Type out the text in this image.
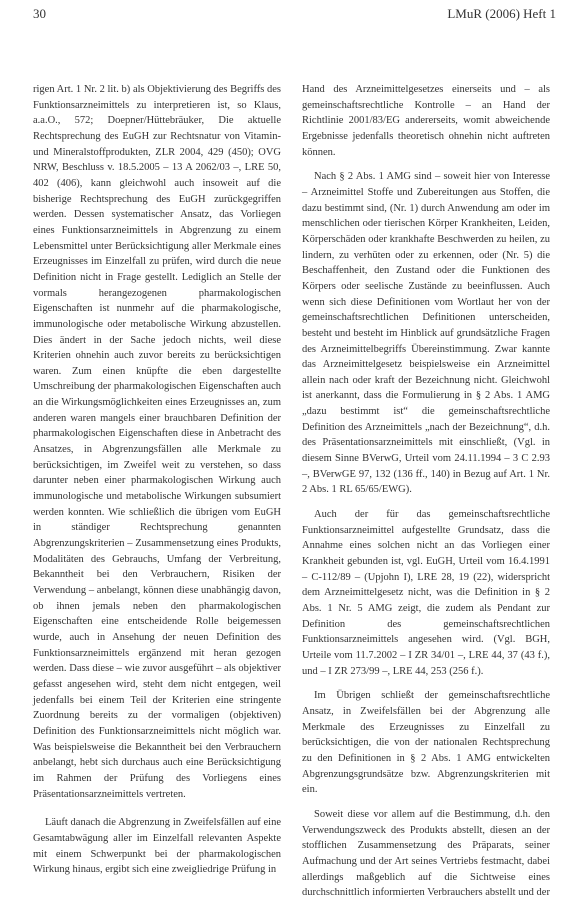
30	LMuR (2006) Heft 1

rigen Art. 1 Nr. 2 lit. b) als Objektivierung des Begriffs des Funktionsarzneimittels zu interpretieren ist, so Klaus, a.a.O., 572; Doepner/Hüttebräuker, Die aktuelle Rechtsprechung des EuGH zur Rechtsnatur von Vitamin- und Mineralstoffprodukten, ZLR 2004, 429 (450); OVG NRW, Beschluss v. 18.5.2005 – 13 A 2062/03 –, LRE 50, 402 (406), kann gleichwohl auch insoweit auf die bisherige Rechtsprechung des EuGH zurückgegriffen werden. Dessen systematischer Ansatz, das Vorliegen eines Funktionsarzneimittels in Abgrenzung zu einem Lebensmittel unter Berücksichtigung aller Merkmale eines Erzeugnisses im Einzelfall zu prüfen, wird durch die neue Definition nicht in Frage gestellt. Lediglich an Stelle der vormals herangezogenen pharmakologischen Eigenschaften ist nunmehr auf die pharmakologische, immunologische oder metabolische Wirkung abzustellen. Dies ändert in der Sache jedoch nichts, weil diese Kriterien ohnehin auch zuvor bereits zu berücksichtigen waren. Zum einen knüpfte die eben dargestellte Umschreibung der pharmakologischen Eigenschaften auch an die Wirkungsmöglichkeiten eines Erzeugnisses an, zum anderen waren mangels einer brauchbaren Definition der pharmakologischen Eigenschaften diese in Anbetracht des Ansatzes, in Abgrenzungsfällen alle Merkmale zu berücksichtigen, im Zweifel weit zu verstehen, so dass darunter neben einer pharmakologischen Wirkung auch immunologische und metabolische Wirkungen subsumiert werden konnten. Wie schließlich die übrigen vom EuGH in ständiger Rechtsprechung genannten Abgrenzungskriterien – Zusammensetzung eines Produkts, Modalitäten des Gebrauchs, Umfang der Verbreitung, Bekanntheit bei den Verbrauchern, Risiken der Verwendung – anbelangt, können diese unabhängig davon, ob ihnen jemals neben den pharmakologischen Eigenschaften eine entscheidende Rolle beigemessen wurde, auch in Ansehung der neuen Definition des Funktionsarzneimittels ergänzend mit heran gezogen werden. Dass diese – wie zuvor ausgeführt – als objektiver gefasst angesehen wird, steht dem nicht entgegen, weil jedenfalls bei einem Teil der Kriterien eine stringente Zuordnung bereits zu der vormaligen (objektiven) Definition des Funktionsarzneimittels nicht möglich war. Was beispielsweise die Bekanntheit bei den Verbrauchern anbelangt, hebt sich durchaus auch eine Berücksichtigung im Rahmen der Prüfung des Vorliegens eines Präsentationsarzneimittels vertreten.

Läuft danach die Abgrenzung in Zweifelsfällen auf eine Gesamtabwägung aller im Einzelfall relevanten Aspekte mit einem Schwerpunkt bei der pharmakologischen Wirkung hinaus, ergibt sich eine zweigliedrige Prüfung in

Hand des Arzneimittelgesetzes einerseits und – als gemeinschaftsrechtliche Kontrolle – an Hand der Richtlinie 2001/83/EG andererseits, womit abweichende Ergebnisse jedenfalls theoretisch ohnehin nicht auftreten können.

Nach § 2 Abs. 1 AMG sind – soweit hier von Interesse – Arzneimittel Stoffe und Zubereitungen aus Stoffen, die dazu bestimmt sind, (Nr. 1) durch Anwendung am oder im menschlichen oder tierischen Körper Krankheiten, Leiden, Körperschäden oder krankhafte Beschwerden zu heilen, zu lindern, zu verhüten oder zu erkennen, oder (Nr. 5) die Beschaffenheit, den Zustand oder die Funktionen des Körpers oder seelische Zustände zu beeinflussen. Auch wenn sich diese Definitionen vom Wortlaut her von der gemeinschaftsrechtlichen Definitionen unterscheiden, besteht und besteht im Hinblick auf grundsätzliche Fragen des Arzneimittelbegriffs Übereinstimmung. Zwar kannte das Arzneimittelgesetz beispielsweise ein Arzneimittel allein nach oder kraft der Bezeichnung nicht. Gleichwohl ist anerkannt, dass die Formulierung in § 2 Abs. 1 AMG „dazu bestimmt ist“ die gemeinschaftsrechtliche Definition des Arzneimittels „nach der Bezeichnung“, d.h. des Präsentationsarzneimittels mit einschließt, (Vgl. in diesem Sinne BVerwG, Urteil vom 24.11.1994 – 3 C 2.93 –, BVerwGE 97, 132 (136 ff., 140) in Bezug auf Art. 1 Nr. 2 Abs. 1 RL 65/65/EWG).

Auch der für das gemeinschaftsrechtliche Funktionsarzneimittel aufgestellte Grundsatz, dass die Annahme eines solchen nicht an das Vorliegen einer Krankheit gebunden ist, vgl. EuGH, Urteil vom 16.4.1991 – C-112/89 – (Upjohn I), LRE 28, 19 (22), widerspricht dem Arzneimittelgesetz nicht, was die Definition in § 2 Abs. 1 Nr. 5 AMG zeigt, die zudem als Pendant zur Definition des gemeinschaftsrechtlichen Funktionsarzneimittels angesehen wird. (Vgl. BGH, Urteile vom 11.7.2002 – I ZR 34/01 –, LRE 44, 37 (43 f.), und – I ZR 273/99 –, LRE 44, 253 (256 f.).

Im Übrigen schließt der gemeinschaftsrechtliche Ansatz, in Zweifelsfällen bei der Abgrenzung alle Merkmale des Erzeugnisses zu Einzelfall zu berücksichtigen, die von der nationalen Rechtsprechung zu den Definitionen in § 2 Abs. 1 AMG entwickelten Abgrenzungsgrundsätze bzw. Abgrenzungskriterien mit ein.

Soweit diese vor allem auf die Bestimmung, d.h. den Verwendungszweck des Produkts abstellt, diesen an der stofflichen Zusammensetzung des Präparats, seiner Aufmachung und der Art seines Vertriebs festmacht, dabei allerdings maßgeblich auf die Sichtweise eines durchschnittlich informierten Verbrauchers abstellt und der
